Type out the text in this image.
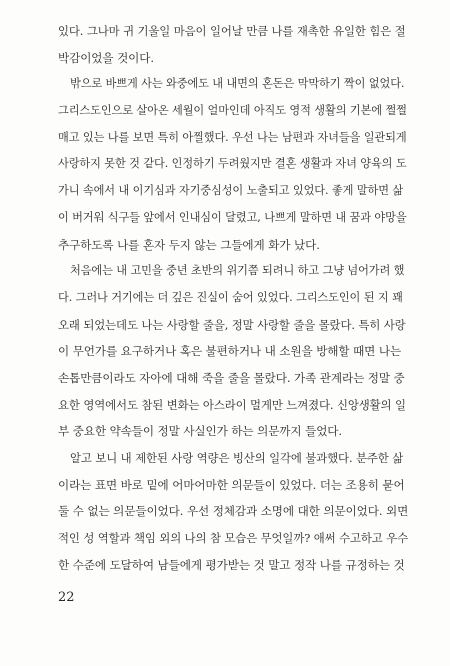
있다. 그나마 귀 기울일 마음이 일어날 만큼 나를 재촉한 유일한 힘은 절
박감이었을 것이다.
밖으로 바쁘게 사는 와중에도 내 내면의 혼돈은 막막하기 짝이 없었다.
그리스도인으로 살아온 세월이 얼마인데 아직도 영적 생활의 기본에 쩔쩔
매고 있는 나를 보면 특히 아찔했다. 우선 나는 남편과 자녀들을 일관되게
사랑하지 못한 것 같다. 인정하기 두려웠지만 결혼 생활과 자녀 양육의 도
가니 속에서 내 이기심과 자기중심성이 노출되고 있었다. 좋게 말하면 삶
이 버거워 식구들 앞에서 인내심이 달렸고, 나쁘게 말하면 내 꿈과 야망을
추구하도록 나를 혼자 두지 않는 그들에게 화가 났다.
처음에는 내 고민을 중년 초반의 위기쯤 되려니 하고 그냥 넘어가려 했
다. 그러나 거기에는 더 깊은 진실이 숨어 있었다. 그리스도인이 된 지 꽤
오래 되었는데도 나는 사랑할 줄을, 정말 사랑할 줄을 몰랐다. 특히 사랑
이 무언가를 요구하거나 혹은 불편하거나 내 소원을 방해할 때면 나는
손톱만큼이라도 자아에 대해 죽을 줄을 몰랐다. 가족 관계라는 정말 중
요한 영역에서도 참된 변화는 아스라이 멀게만 느껴졌다. 신앙생활의 일
부 중요한 약속들이 정말 사실인가 하는 의문까지 들었다.
알고 보니 내 제한된 사랑 역량은 빙산의 일각에 불과했다. 분주한 삶
이라는 표면 바로 밑에 어마어마한 의문들이 있었다. 더는 조용히 묻어
둘 수 없는 의문들이었다. 우선 정체감과 소명에 대한 의문이었다. 외면
적인 성 역할과 책임 외의 나의 참 모습은 무엇일까? 애써 수고하고 우수
한 수준에 도달하여 남들에게 평가받는 것 말고 정작 나를 규정하는 것
22
